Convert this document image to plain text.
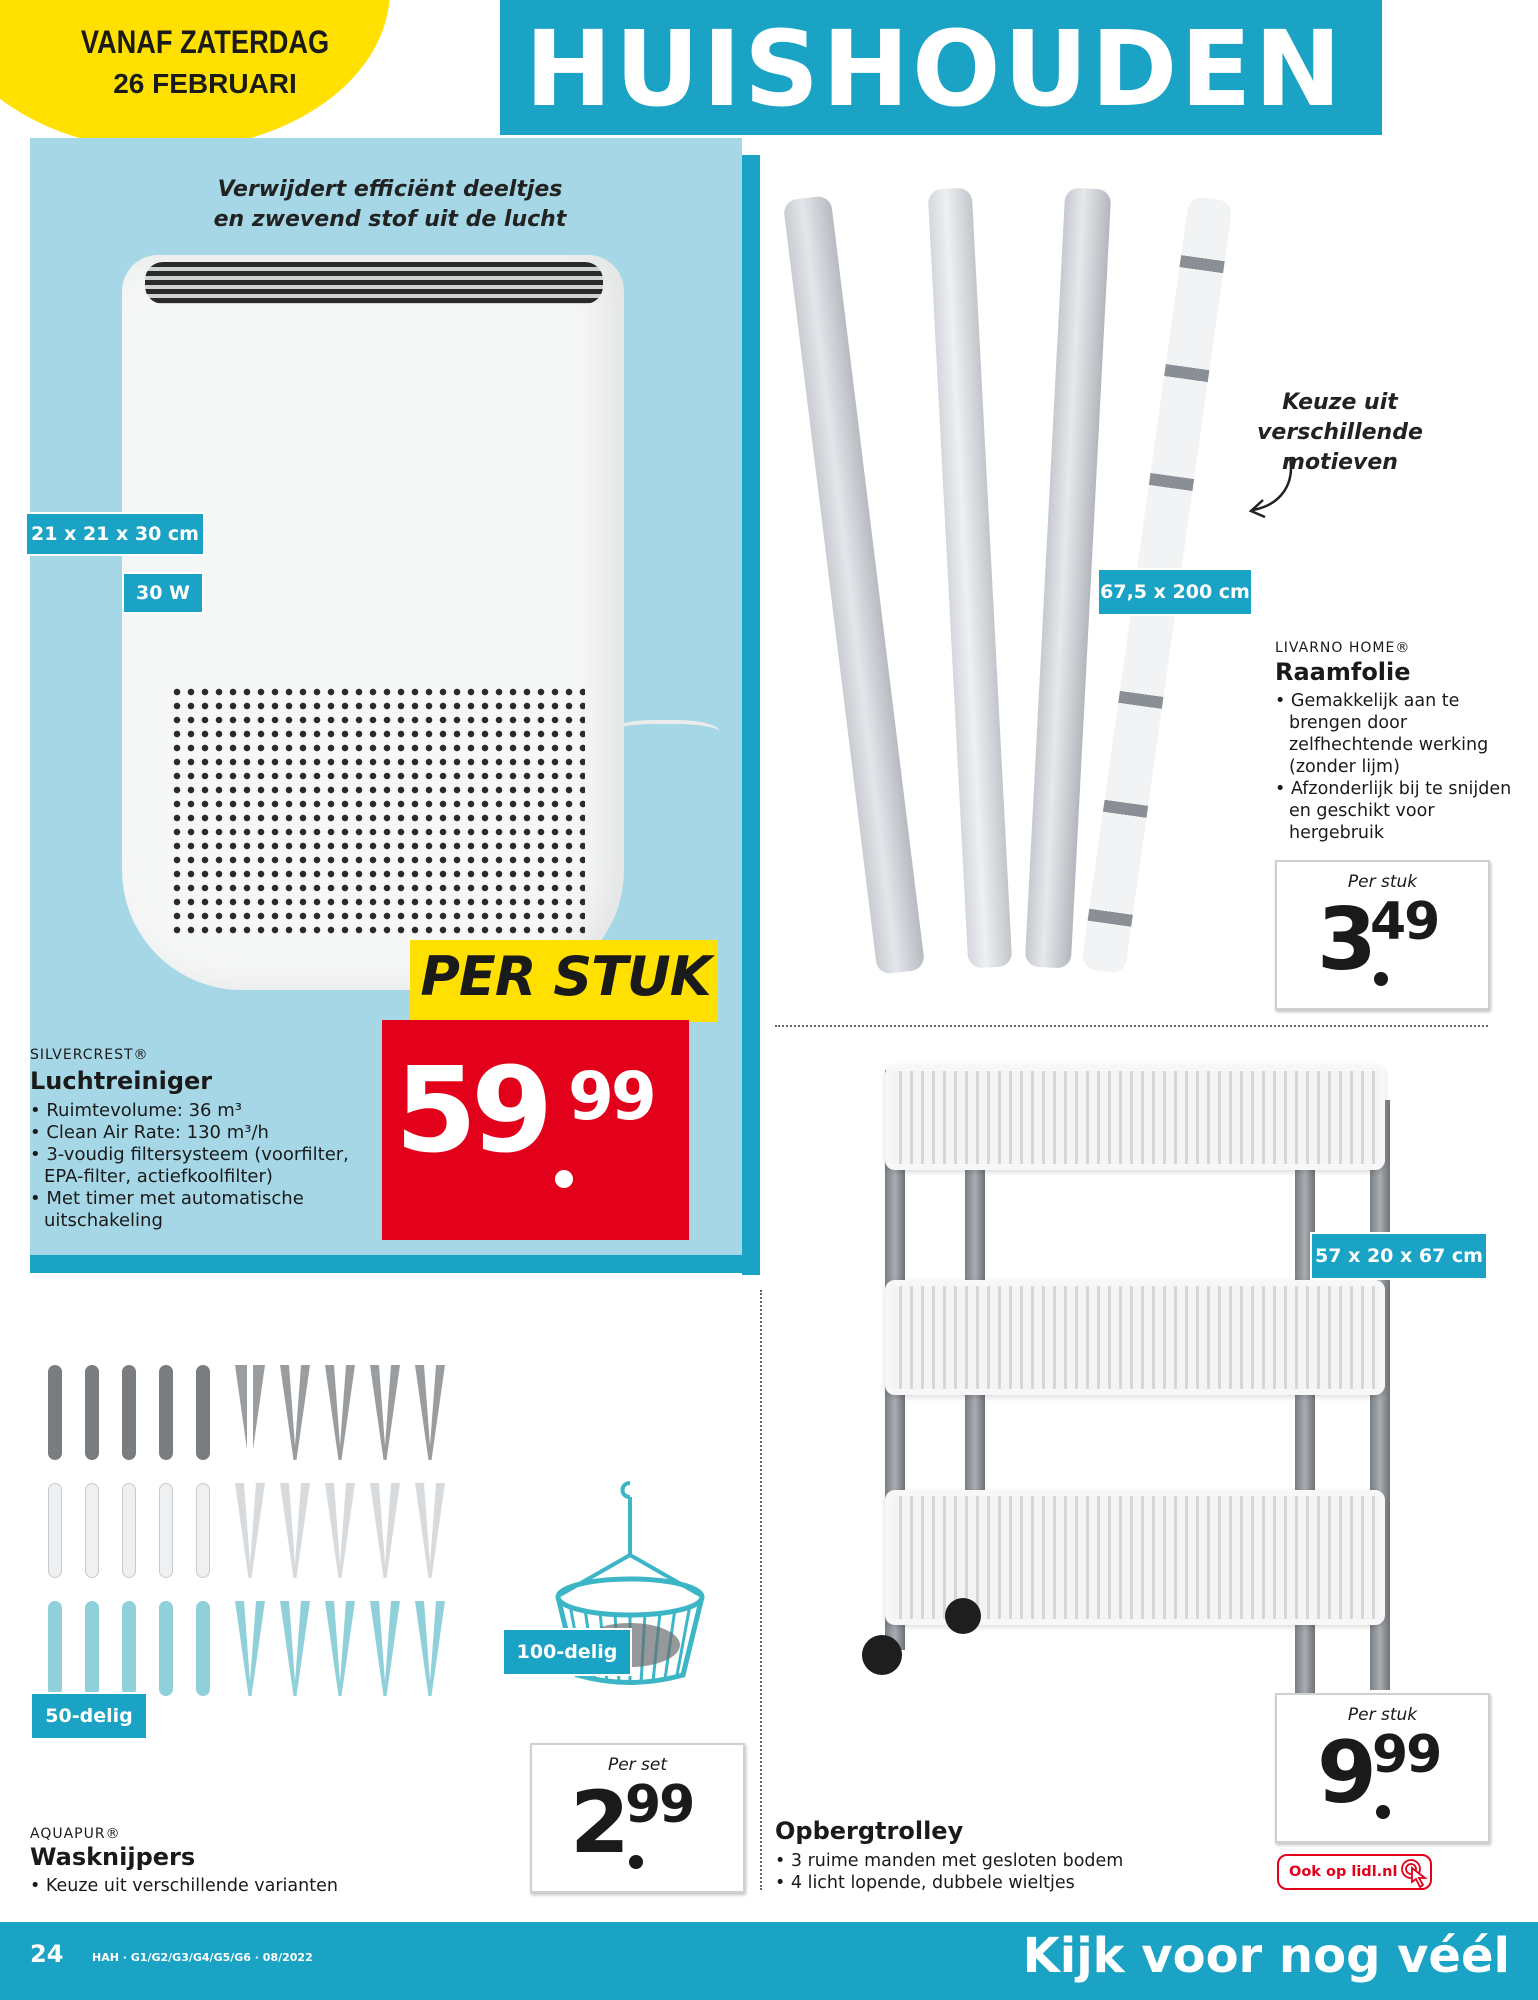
HUISHOUDEN
VANAF ZATERDAG
26 FEBRUARI
Verwijdert efficiënt deeltjes
en zwevend stof uit de lucht
21 x 21 x 30 cm
30 W
PER STUK
59 99
SILVERCREST®
Luchtreiniger
• Ruimtevolume: 36 m³
• Clean Air Rate: 130 m³/h
• 3-voudig filtersysteem (voorfilter, EPA-filter, actiefkoolfilter)
• Met timer met automatische uitschakeling
Keuze uit verschillende
motieven
67,5 x 200 cm
LIVARNO HOME®
Raamfolie
• Gemakkelijk aan te brengen door zelfhechtende werking (zonder lijm)
• Afzonderlijk bij te snijden en geschikt voor hergebruik
Per stuk
3
49
57 x 20 x 67 cm
Per stuk
9 99
Opbergtrolley
• 3 ruime manden met gesloten bodem
• 4 licht lopende, dubbele wieltjes
Ook op lidl.nl
50-delig
100-delig
Per set
2 99
AQUAPUR®
Wasknijpers
• Keuze uit verschillende varianten
24	HAH · G1/G2/G3/G4/G5/G6 · 08/2022	Kijk voor nog véél
